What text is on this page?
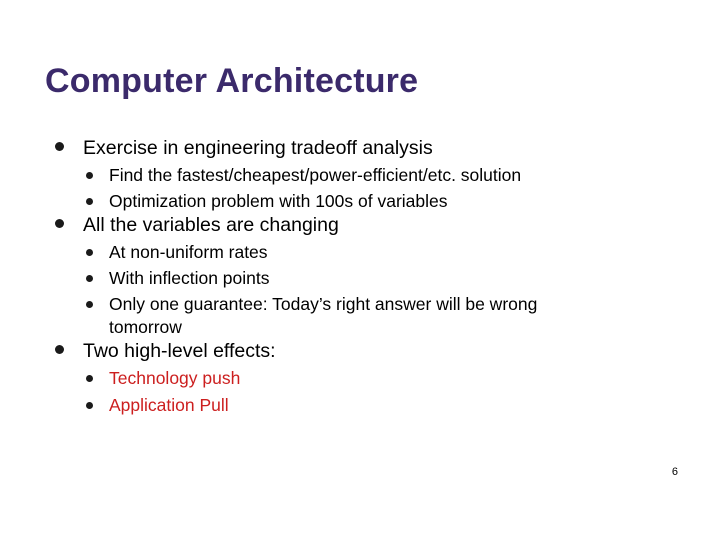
Computer Architecture
Exercise in engineering tradeoff analysis
Find the fastest/cheapest/power-efficient/etc. solution
Optimization problem with 100s of variables
All the variables are changing
At non-uniform rates
With inflection points
Only one guarantee: Today’s right answer will be wrong
tomorrow
Two high-level effects:
Technology push
Application Pull
6
